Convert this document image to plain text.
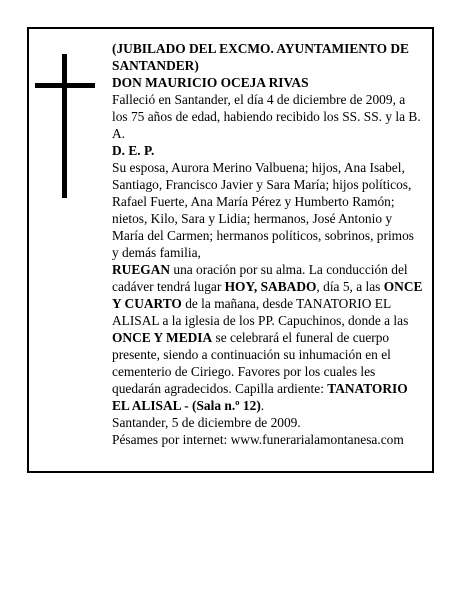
(JUBILADO DEL EXCMO. AYUNTAMIENTO DE SANTANDER)

DON MAURICIO OCEJA RIVAS

Falleció en Santander, el día 4 de diciembre de 2009, a los 75 años de edad, habiendo recibido los SS. SS. y la B. A.

D. E. P.

Su esposa, Aurora Merino Valbuena; hijos, Ana Isabel, Santiago, Francisco Javier y Sara María; hijos políticos, Rafael Fuerte, Ana María Pérez y Humberto Ramón; nietos, Kilo, Sara y Lidia; hermanos, José Antonio y María del Carmen; hermanos políticos, sobrinos, primos y demás familia,

RUEGAN una oración por su alma. La conducción del cadáver tendrá lugar HOY, SABADO, día 5, a las ONCE Y CUARTO de la mañana, desde TANATORIO EL ALISAL a la iglesia de los PP. Capuchinos, donde a las ONCE Y MEDIA se celebrará el funeral de cuerpo presente, siendo a continuación su inhumación en el cementerio de Ciriego. Favores por los cuales les quedarán agradecidos. Capilla ardiente: TANATORIO EL ALISAL - (Sala n.º 12).

Santander, 5 de diciembre de 2009.

Pésames por internet: www.funerarialamontanesa.com
